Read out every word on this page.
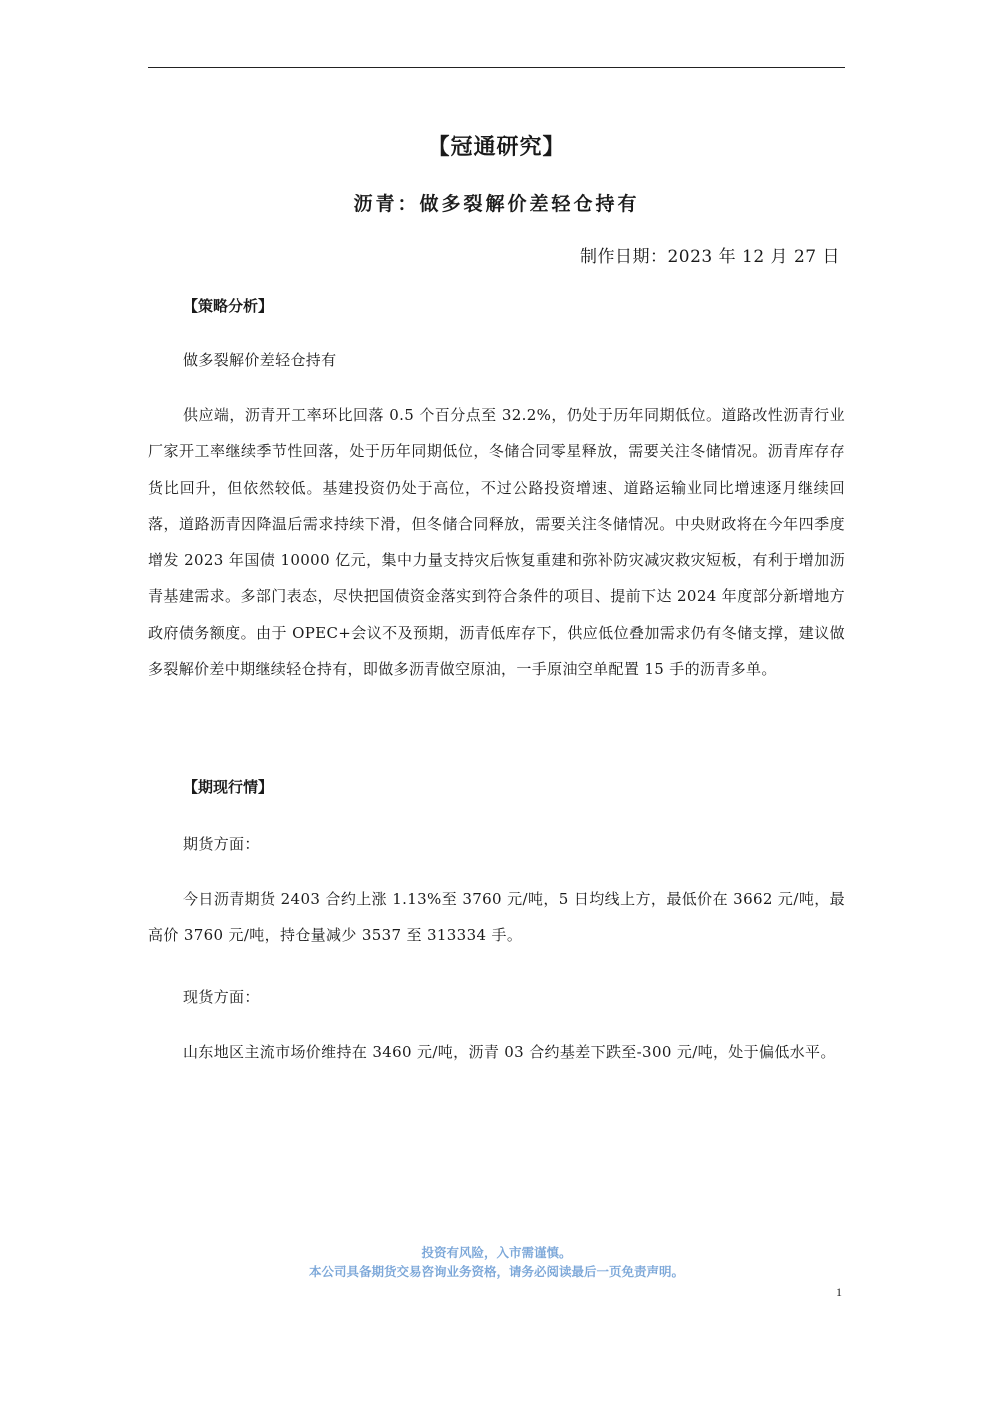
【冠通研究】
沥青：做多裂解价差轻仓持有
制作日期：2023 年 12 月 27 日
【策略分析】

做多裂解价差轻仓持有

供应端，沥青开工率环比回落 0.5 个百分点至 32.2%，仍处于历年同期低位。道路改性沥青行业厂家开工率继续季节性回落，处于历年同期低位，冬储合同零星释放，需要关注冬储情况。沥青库存存货比回升，但依然较低。基建投资仍处于高位，不过公路投资增速、道路运输业同比增速逐月继续回落，道路沥青因降温后需求持续下滑，但冬储合同释放，需要关注冬储情况。中央财政将在今年四季度增发 2023 年国债 10000 亿元，集中力量支持灾后恢复重建和弥补防灾减灾救灾短板，有利于增加沥青基建需求。多部门表态，尽快把国债资金落实到符合条件的项目、提前下达 2024 年度部分新增地方政府债务额度。由于 OPEC+会议不及预期，沥青低库存下，供应低位叠加需求仍有冬储支撑，建议做多裂解价差中期继续轻仓持有，即做多沥青做空原油，一手原油空单配置 15 手的沥青多单。

【期现行情】

期货方面：

今日沥青期货 2403 合约上涨 1.13%至 3760 元/吨，5 日均线上方，最低价在 3662 元/吨，最高价 3760 元/吨，持仓量减少 3537 至 313334 手。

现货方面：

山东地区主流市场价维持在 3460 元/吨，沥青 03 合约基差下跌至-300 元/吨，处于偏低水平。

投资有风险，入市需谨慎。
本公司具备期货交易咨询业务资格，请务必阅读最后一页免责声明。
1
